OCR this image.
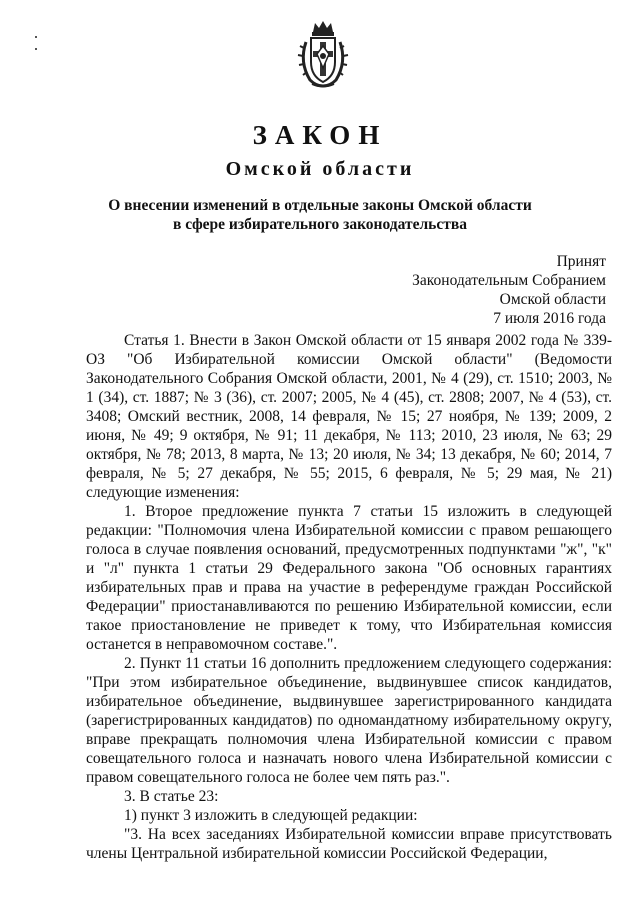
ЗАКОН
Омской области
О внесении изменений в отдельные законы Омской области
в сфере избирательного законодательства
Принят
Законодательным Собранием
Омской области
7 июля 2016 года

Статья 1. Внести в Закон Омской области от 15 января 2002 года № 339-ОЗ "Об Избирательной комиссии Омской области" (Ведомости Законодательного Собрания Омской области, 2001, № 4 (29), ст. 1510; 2003, № 1 (34), ст. 1887; № 3 (36), ст. 2007; 2005, № 4 (45), ст. 2808; 2007, № 4 (53), ст. 3408; Омский вестник, 2008, 14 февраля, № 15; 27 ноября, № 139; 2009, 2 июня, № 49; 9 октября, № 91; 11 декабря, № 113; 2010, 23 июля, № 63; 29 октября, № 78; 2013, 8 марта, № 13; 20 июля, № 34; 13 декабря, № 60; 2014, 7 февраля, № 5; 27 декабря, № 55; 2015, 6 февраля, № 5; 29 мая, № 21) следующие изменения:

1. Второе предложение пункта 7 статьи 15 изложить в следующей редакции: "Полномочия члена Избирательной комиссии с правом решающего голоса в случае появления оснований, предусмотренных подпунктами "ж", "к" и "л" пункта 1 статьи 29 Федерального закона "Об основных гарантиях избирательных прав и права на участие в референдуме граждан Российской Федерации" приостанавливаются по решению Избирательной комиссии, если такое приостановление не приведет к тому, что Избирательная комиссия останется в неправомочном составе.".

2. Пункт 11 статьи 16 дополнить предложением следующего содержания: "При этом избирательное объединение, выдвинувшее список кандидатов, избирательное объединение, выдвинувшее зарегистрированного кандидата (зарегистрированных кандидатов) по одномандатному избирательному округу, вправе прекращать полномочия члена Избирательной комиссии с правом совещательного голоса и назначать нового члена Избирательной комиссии с правом совещательного голоса не более чем пять раз.".

3. В статье 23:

1) пункт 3 изложить в следующей редакции:

"3. На всех заседаниях Избирательной комиссии вправе присутствовать члены Центральной избирательной комиссии Российской Федерации,
